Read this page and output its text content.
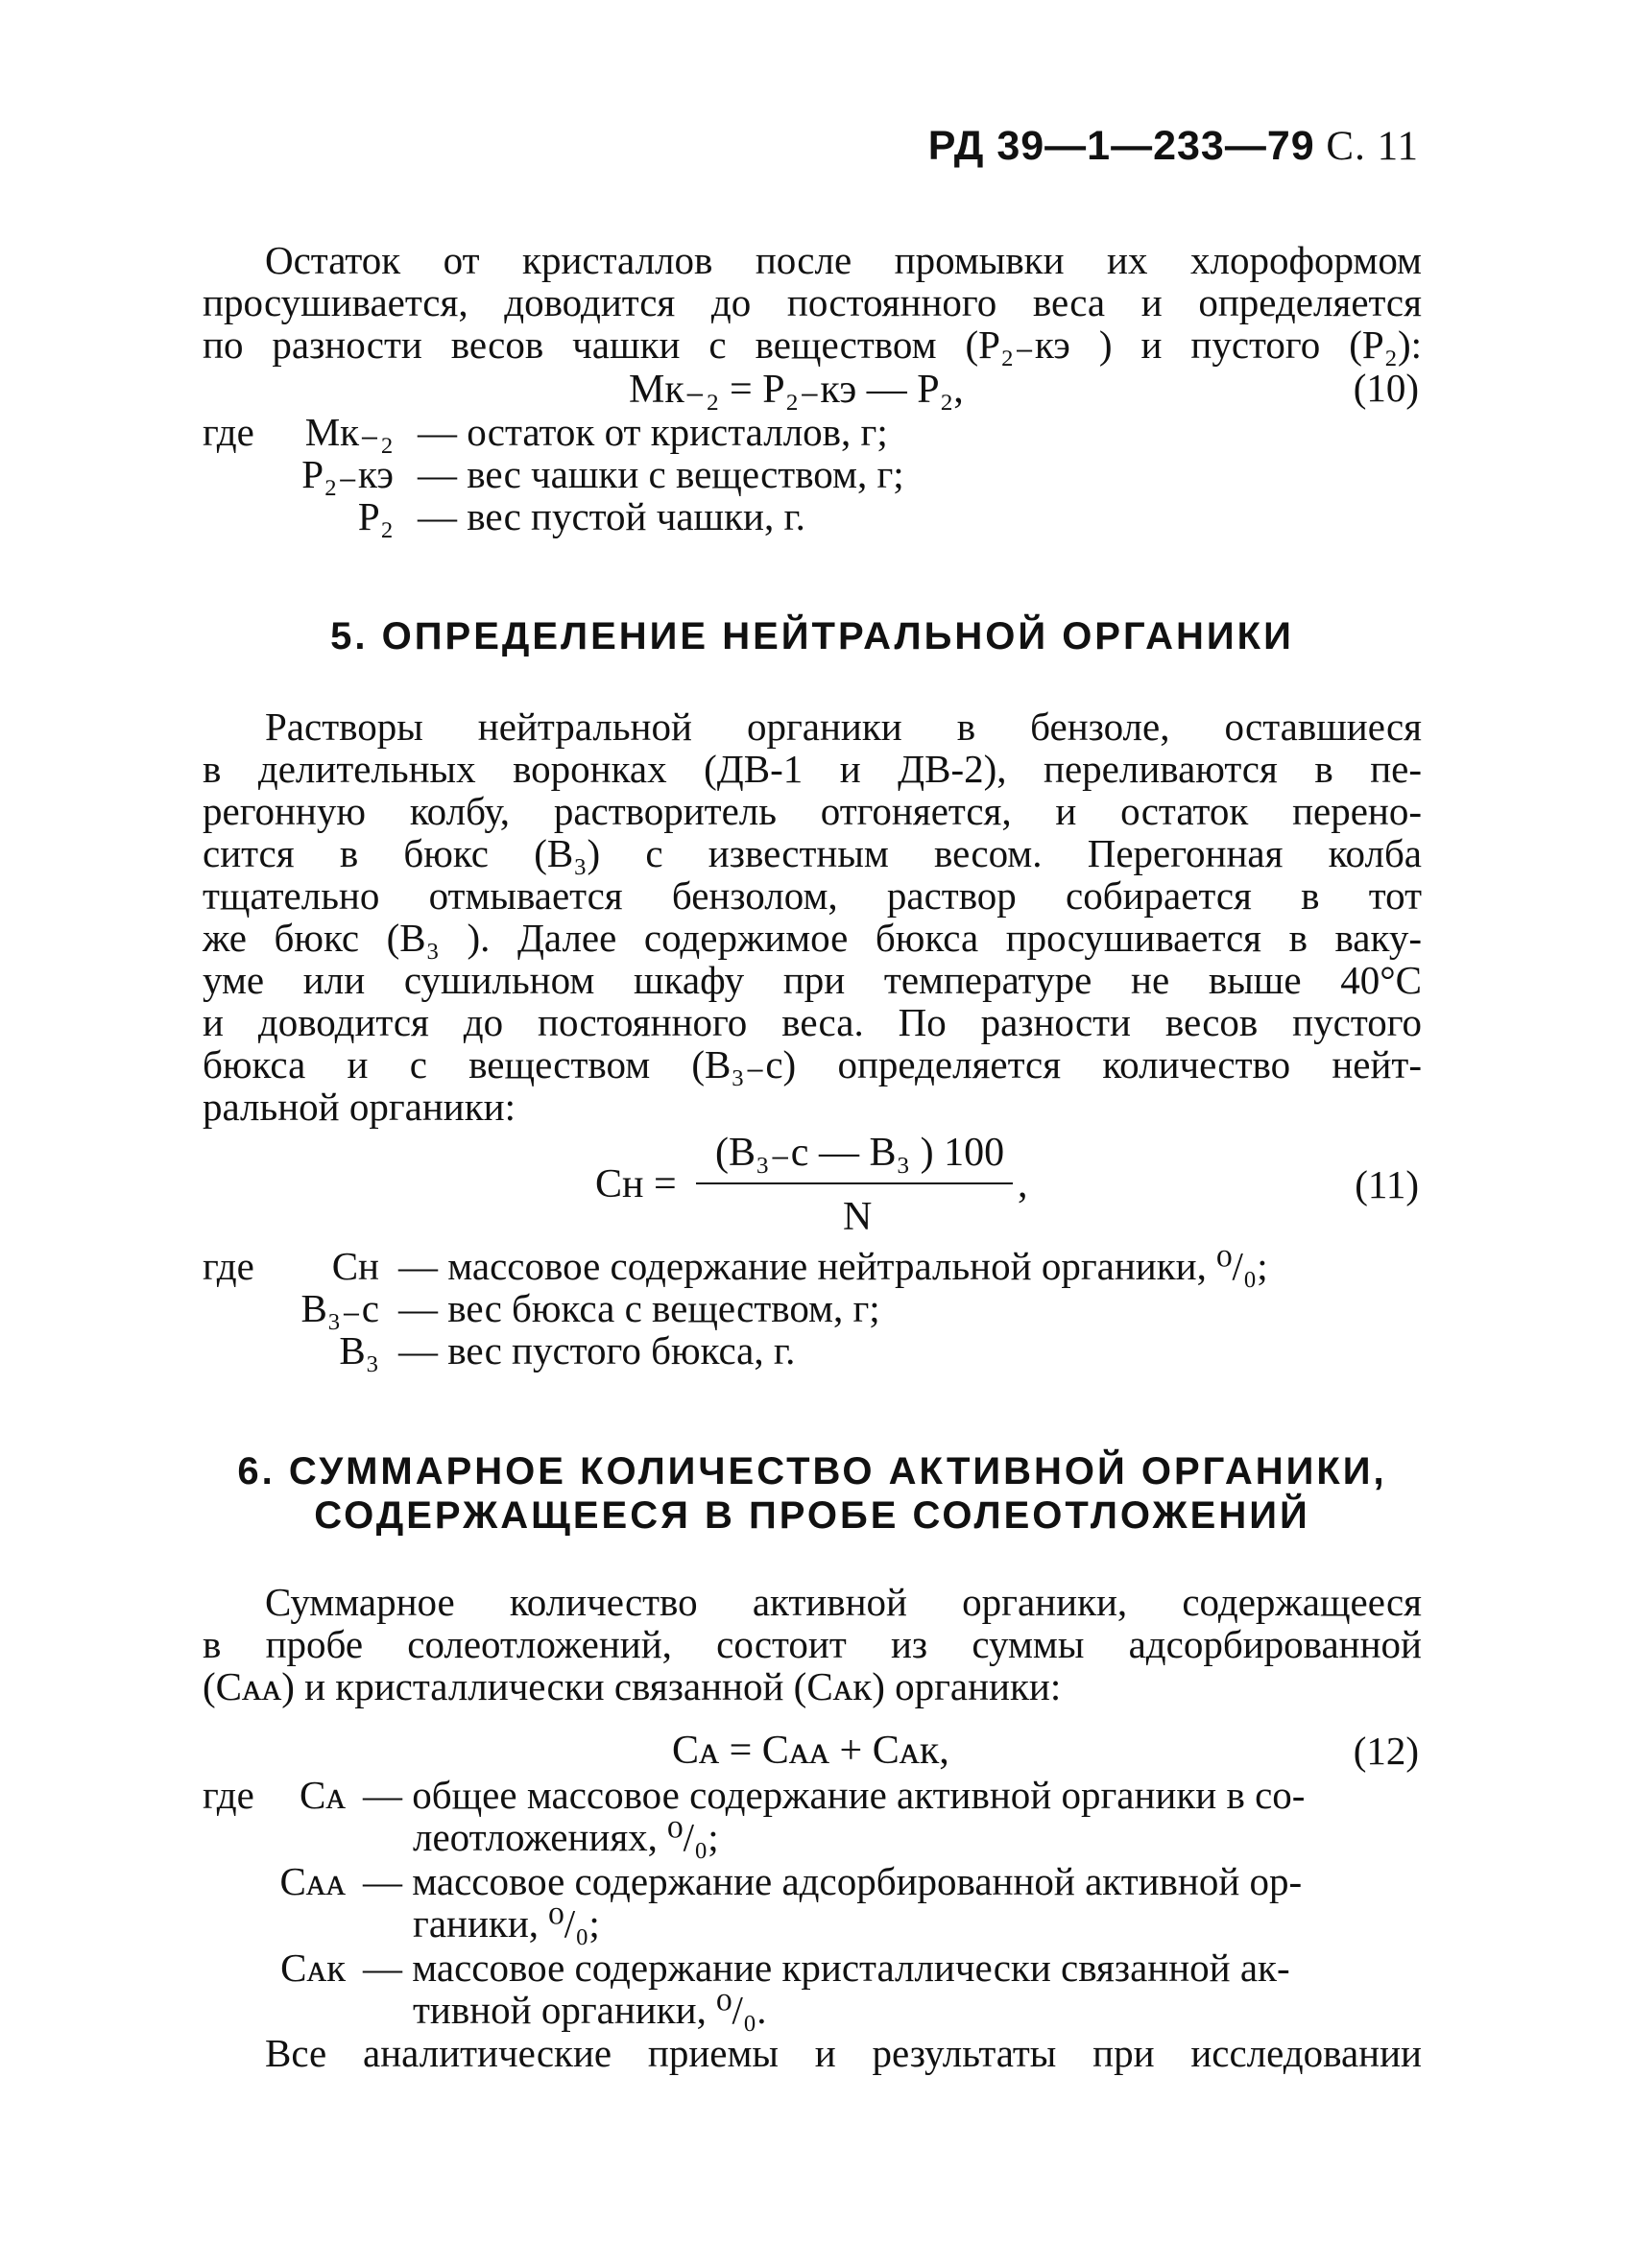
РД 39—1—233—79 С. 11
Остаток от кристаллов после промывки их хлороформом
просушивается, доводится до постоянного веса и определяется
по разности весов чашки с веществом (Р₂₋кэ ) и пустого (Р₂):
Мк₋₂ = Р₂₋кэ — Р₂,	(10)
где	Мк₋₂ — остаток от кристаллов, г;
Р₂₋кэ — вес чашки с веществом, г;
Р₂ — вес пустой чашки, г.
5. ОПРЕДЕЛЕНИЕ НЕЙТРАЛЬНОЙ ОРГАНИКИ
Растворы нейтральной органики в бензоле, оставшиеся
в делительных воронках (ДВ-1 и ДВ-2), переливаются в пе-
регонную колбу, растворитель отгоняется, и остаток перено-
сится в бюкс (В₃) с известным весом. Перегонная колба
тщательно отмывается бензолом, раствор собирается в тот
же бюкс (В₃ ). Далее содержимое бюкса просушивается в ваку-
уме или сушильном шкафу при температуре не выше 40°С
и доводится до постоянного веса. По разности весов пустого
бюкса и с веществом (В₃₋с) определяется количество нейт-
ральной органики:
Сн =
(В₃₋с — В₃ ) 100
N
,	(11)
где	Сн — массовое содержание нейтральной органики, ⁰/₀;
В₃₋с — вес бюкса с веществом, г;
В₃ — вес пустого бюкса, г.
6. СУММАРНОЕ КОЛИЧЕСТВО АКТИВНОЙ ОРГАНИКИ,
СОДЕРЖАЩЕЕСЯ В ПРОБЕ СОЛЕОТЛОЖЕНИЙ
Суммарное количество активной органики, содержащееся
в пробе солеотложений, состоит из суммы адсорбированной
(Сᴀᴀ) и кристаллически связанной (Сᴀк) органики:
Сᴀ = Сᴀᴀ + Сᴀк,	(12)
где	Сᴀ — общее массовое содержание активной органики в со-
леотложениях, ⁰/₀;
Сᴀᴀ — массовое содержание адсорбированной активной ор-
ганики, ⁰/₀;
Сᴀк — массовое содержание кристаллически связанной ак-
тивной органики, ⁰/₀.
Все аналитические приемы и результаты при исследовании
